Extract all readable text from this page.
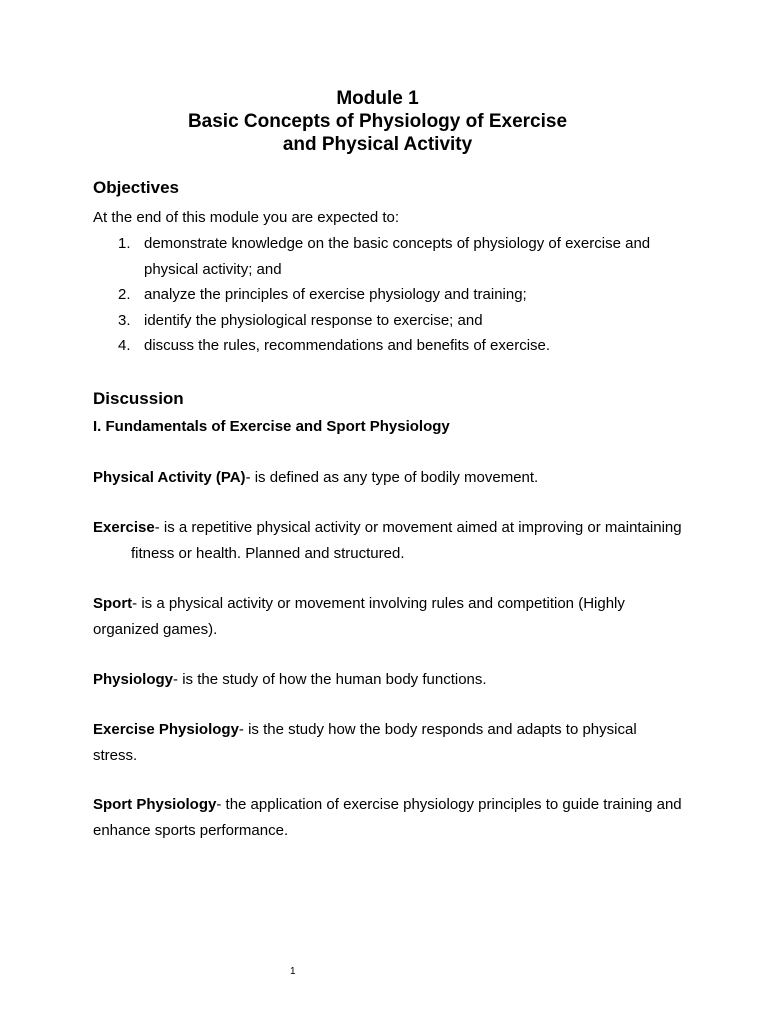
Module 1
Basic Concepts of Physiology of Exercise
and Physical Activity

Objectives

At the end of this module you are expected to:

1. demonstrate knowledge on the basic concepts of physiology of exercise and physical activity; and
2. analyze the principles of exercise physiology and training;
3. identify the physiological response to exercise; and
4. discuss the rules, recommendations and benefits of exercise.

Discussion

I. Fundamentals of Exercise and Sport Physiology

Physical Activity (PA)- is defined as any type of bodily movement.

Exercise- is a repetitive physical activity or movement aimed at improving or maintaining fitness or health. Planned and structured.

Sport- is a physical activity or movement involving rules and competition (Highly organized games).

Physiology- is the study of how the human body functions.

Exercise Physiology- is the study how the body responds and adapts to physical stress.

Sport Physiology- the application of exercise physiology principles to guide training and enhance sports performance.

1
